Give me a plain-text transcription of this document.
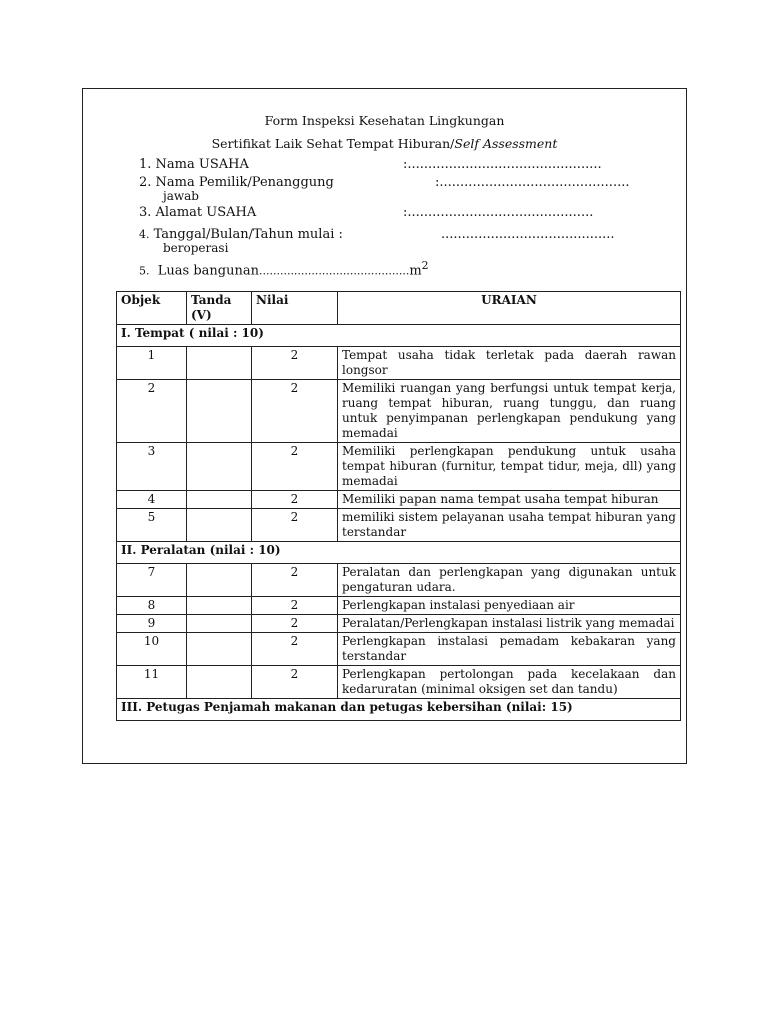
Form Inspeksi Kesehatan Lingkungan
Sertifikat Laik Sehat Tempat Hiburan/Self Assessment
1. Nama USAHA	:...............................................
2. Nama Pemilik/Penanggung	:..............................................
jawab
3. Alamat USAHA	:.............................................
4. Tanggal/Bulan/Tahun mulai :	..........................................
beroperasi
5. Luas $bangunan...........................................m^2$
Objek	Tanda (V)	Nilai	URAIAN
I. Tempat ( nilai : 10)			
1		2	Tempat usaha tidak terletak pada daerah rawan longsor
2		2	Memiliki ruangan yang berfungsi untuk tempat kerja, ruang tempat hiburan, ruang tunggu, dan ruang untuk penyimpanan perlengkapan pendukung yang memadai
3		2	Memiliki perlengkapan pendukung untuk usaha tempat hiburan (furnitur, tempat tidur, meja, dll) yang memadai
4		2	Memiliki papan nama tempat usaha tempat hiburan
5		2	memiliki sistem pelayanan usaha tempat hiburan yang terstandar
II. Peralatan (nilai : 10)			
7		2	Peralatan dan perlengkapan yang digunakan untuk pengaturan udara.
8		2	Perlengkapan instalasi penyediaan air
9		2	Peralatan/Perlengkapan instalasi listrik yang memadai
10		2	Perlengkapan instalasi pemadam kebakaran yang terstandar
11		2	Perlengkapan pertolongan pada kecelakaan dan kedaruratan (minimal oksigen set dan tandu)
III. Petugas Penjamah makanan dan petugas kebersihan (nilai: 15)			
